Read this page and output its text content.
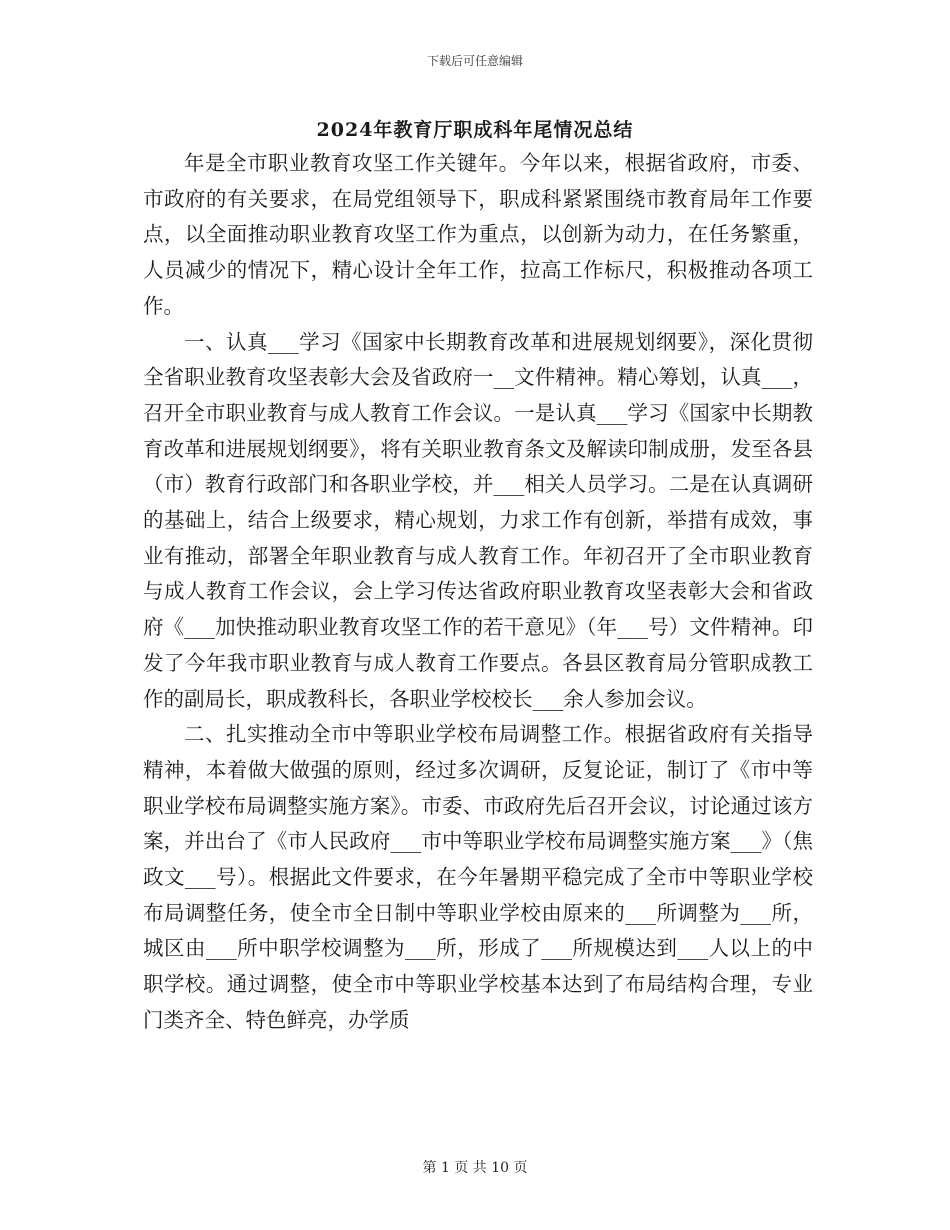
下载后可任意编辑
2024年教育厅职成科年尾情况总结

年是全市职业教育攻坚工作关键年。今年以来，根据省政府，市委、市政府的有关要求，在局党组领导下，职成科紧紧围绕市教育局年工作要点，以全面推动职业教育攻坚工作为重点，以创新为动力，在任务繁重，人员减少的情况下，精心设计全年工作，拉高工作标尺，积极推动各项工作。

一、认真___学习《国家中长期教育改革和进展规划纲要》，深化贯彻全省职业教育攻坚表彰大会及省政府一__文件精神。精心筹划，认真___，召开全市职业教育与成人教育工作会议。一是认真___学习《国家中长期教育改革和进展规划纲要》，将有关职业教育条文及解读印制成册，发至各县（市）教育行政部门和各职业学校，并___相关人员学习。二是在认真调研的基础上，结合上级要求，精心规划，力求工作有创新，举措有成效，事业有推动，部署全年职业教育与成人教育工作。年初召开了全市职业教育与成人教育工作会议，会上学习传达省政府职业教育攻坚表彰大会和省政府《___加快推动职业教育攻坚工作的若干意见》（年___号）文件精神。印发了今年我市职业教育与成人教育工作要点。各县区教育局分管职成教工作的副局长，职成教科长，各职业学校校长___余人参加会议。

二、扎实推动全市中等职业学校布局调整工作。根据省政府有关指导精神，本着做大做强的原则，经过多次调研，反复论证，制订了《市中等职业学校布局调整实施方案》。市委、市政府先后召开会议，讨论通过该方案，并出台了《市人民政府___市中等职业学校布局调整实施方案___》（焦政文___号）。根据此文件要求，在今年暑期平稳完成了全市中等职业学校布局调整任务，使全市全日制中等职业学校由原来的___所调整为___所，城区由___所中职学校调整为___所，形成了___所规模达到___人以上的中职学校。通过调整，使全市中等职业学校基本达到了布局结构合理，专业门类齐全、特色鲜亮，办学质

第 1 页 共 10 页
